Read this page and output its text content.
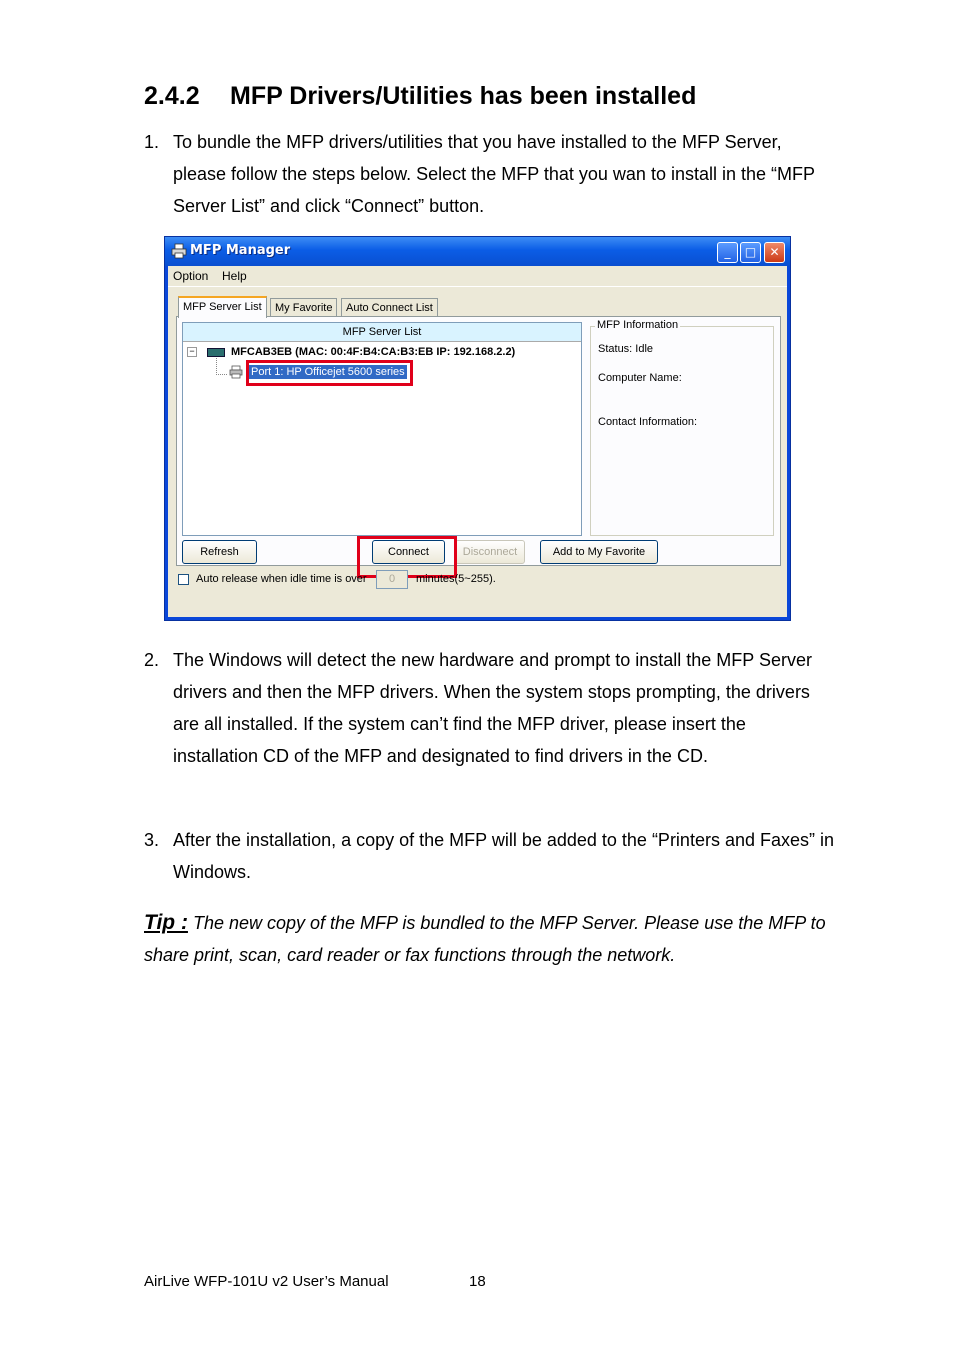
2.4.2 MFP Drivers/Utilities has been installed
1. To bundle the MFP drivers/utilities that you have installed to the MFP Server, please follow the steps below. Select the MFP that you wan to install in the “MFP Server List” and click “Connect” button.
MFP Manager	_	□	✕
Option Help
MFP Server List	My Favorite	Auto Connect List
MFP Server List
−	MFCAB3EB (MAC: 00:4F:B4:CA:B3:EB IP: 192.168.2.2)
Port 1: HP Officejet 5600 series
MFP Information
Status: Idle
Computer Name:
Contact Information:
Refresh	Connect	Disconnect	Add to My Favorite
Auto release when idle time is over	0	minutes(5~255).
2. The Windows will detect the new hardware and prompt to install the MFP Server drivers and then the MFP drivers. When the system stops prompting, the drivers are all installed. If the system can’t find the MFP driver, please insert the installation CD of the MFP and designated to find drivers in the CD.
3. After the installation, a copy of the MFP will be added to the “Printers and Faxes” in Windows.
Tip : The new copy of the MFP is bundled to the MFP Server. Please use the MFP to share print, scan, card reader or fax functions through the network.
AirLive WFP-101U v2 User’s Manual	18
